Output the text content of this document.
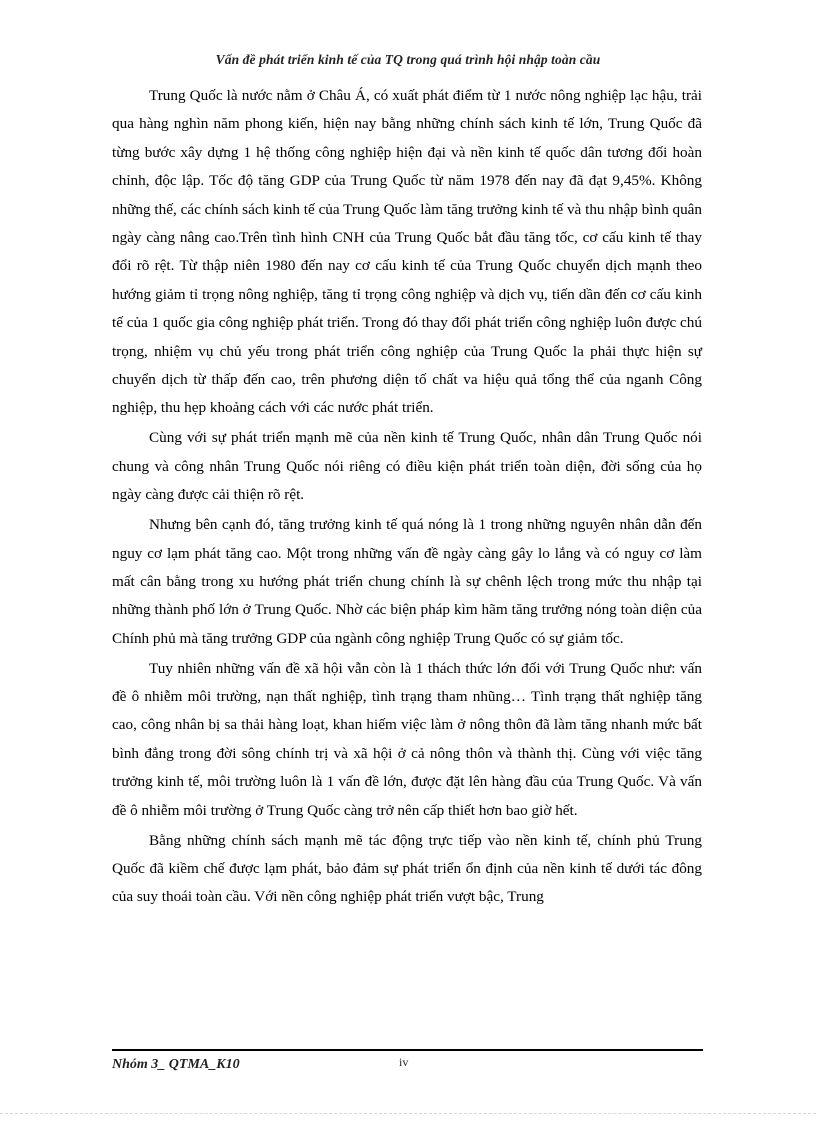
Vấn đề phát triển kinh tế của TQ trong quá trình hội nhập toàn cầu

Trung Quốc là nước nằm ở Châu Á, có xuất phát điểm từ 1 nước nông nghiệp lạc hậu, trải qua hàng nghìn năm phong kiến, hiện nay bằng những chính sách kinh tế lớn, Trung Quốc đã từng bước xây dựng 1 hệ thống công nghiệp hiện đại và nền kinh tế quốc dân tương đối hoàn chỉnh, độc lập. Tốc độ tăng GDP của Trung Quốc từ năm 1978 đến nay đã đạt 9,45%. Không những thế, các chính sách kinh tế của Trung Quốc làm tăng trưởng kinh tế và thu nhập bình quân ngày càng nâng cao.Trên tình hình CNH của Trung Quốc bắt đầu tăng tốc, cơ cấu kinh tế thay đổi rõ rệt. Từ thập niên 1980 đến nay cơ cấu kinh tế của Trung Quốc chuyển dịch mạnh theo hướng giảm tỉ trọng nông nghiệp, tăng tỉ trọng công nghiệp và dịch vụ, tiến dần đến cơ cấu kinh tế của 1 quốc gia công nghiệp phát triển. Trong đó thay đổi phát triển công nghiệp luôn được chú trọng, nhiệm vụ chủ yếu trong phát triển công nghiệp của Trung Quốc la phải thực hiện sự chuyển dịch từ thấp đến cao, trên phương diện tố chất va hiệu quả tổng thể của nganh Công nghiệp, thu hẹp khoảng cách với các nước phát triển.

Cùng với sự phát triển mạnh mẽ của nền kinh tế Trung Quốc, nhân dân Trung Quốc nói chung và công nhân Trung Quốc nói riêng có điều kiện phát triển toàn diện, đời sống của họ ngày càng được cải thiện rõ rệt.

Nhưng bên cạnh đó, tăng trưởng kinh tế quá nóng là 1 trong những nguyên nhân dẫn đến nguy cơ lạm phát tăng cao. Một trong những vấn đề ngày càng gây lo lắng và có nguy cơ làm mất cân bằng trong xu hướng phát triển chung chính là sự chênh lệch trong mức thu nhập tại những thành phố lớn ở Trung Quốc. Nhờ các biện pháp kìm hãm tăng trưởng nóng toàn diện của Chính phủ mà tăng trưởng GDP của ngành công nghiệp Trung Quốc có sự giảm tốc.

Tuy nhiên những vấn đề xã hội vẫn còn là 1 thách thức lớn đối với Trung Quốc như: vấn đề ô nhiễm môi trường, nạn thất nghiệp, tình trạng tham nhũng… Tình trạng thất nghiệp tăng cao, công nhân bị sa thải hàng loạt, khan hiếm việc làm ở nông thôn đã làm tăng nhanh mức bất bình đẳng trong đời sông chính trị và xã hội ở cả nông thôn và thành thị. Cùng với việc tăng trưởng kinh tế, môi trường luôn là 1 vấn đề lớn, được đặt lên hàng đầu của Trung Quốc. Và vấn đề ô nhiễm môi trường ở Trung Quốc càng trở nên cấp thiết hơn bao giờ hết.

Bằng những chính sách mạnh mẽ tác động trực tiếp vào nền kinh tế, chính phủ Trung Quốc đã kiềm chế được lạm phát, bảo đảm sự phát triển ổn định của nền kinh tế dưới tác đông của suy thoái toàn cầu. Với nền công nghiệp phát triển vượt bậc, Trung

Nhóm 3_ QTMA_K10	iv
